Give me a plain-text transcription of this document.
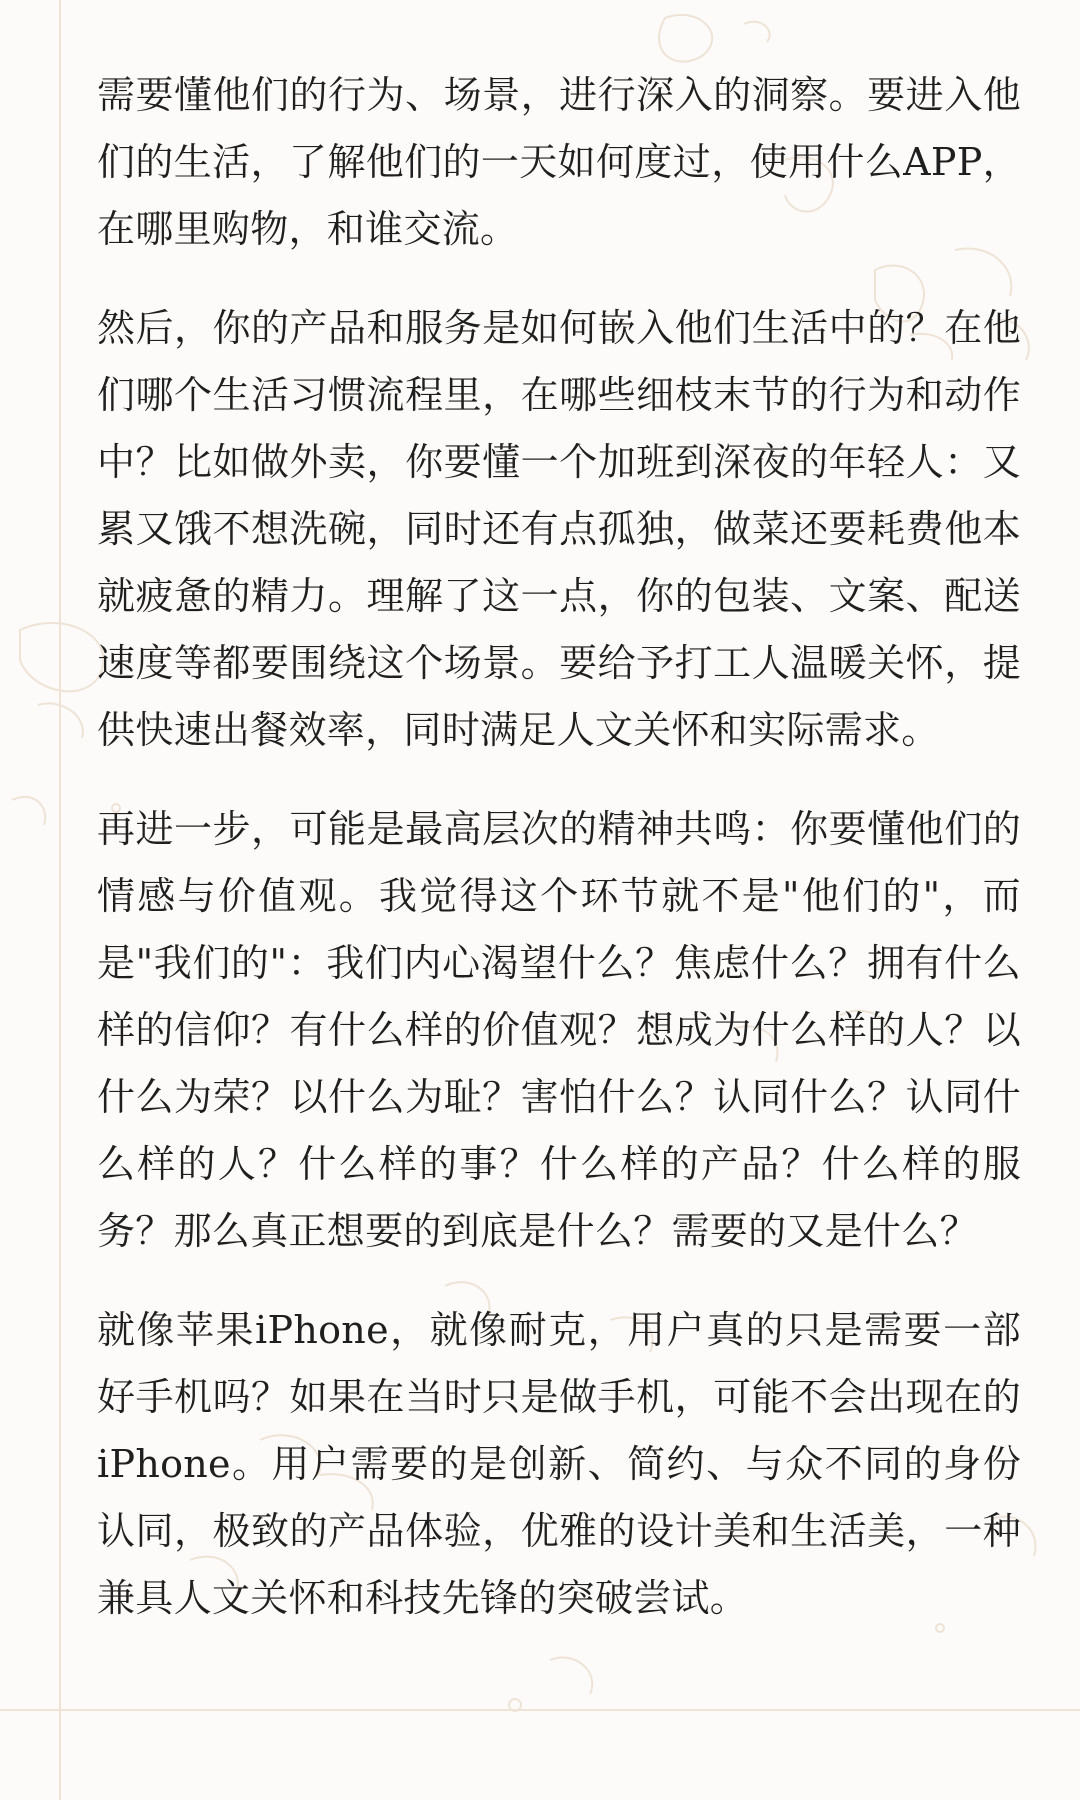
需要懂他们的行为、场景，进行深入的洞察。要进入他们的生活，了解他们的一天如何度过，使用什么APP，在哪里购物，和谁交流。

然后，你的产品和服务是如何嵌入他们生活中的？在他们哪个生活习惯流程里，在哪些细枝末节的行为和动作中？比如做外卖，你要懂一个加班到深夜的年轻人：又累又饿不想洗碗，同时还有点孤独，做菜还要耗费他本就疲惫的精力。理解了这一点，你的包装、文案、配送速度等都要围绕这个场景。要给予打工人温暖关怀，提供快速出餐效率，同时满足人文关怀和实际需求。

再进一步，可能是最高层次的精神共鸣：你要懂他们的情感与价值观。我觉得这个环节就不是"他们的"，而是"我们的"：我们内心渴望什么？焦虑什么？拥有什么样的信仰？有什么样的价值观？想成为什么样的人？以什么为荣？以什么为耻？害怕什么？认同什么？认同什么样的人？什么样的事？什么样的产品？什么样的服务？那么真正想要的到底是什么？需要的又是什么？

就像苹果iPhone，就像耐克，用户真的只是需要一部好手机吗？如果在当时只是做手机，可能不会出现在的iPhone。用户需要的是创新、简约、与众不同的身份认同，极致的产品体验，优雅的设计美和生活美，一种兼具人文关怀和科技先锋的突破尝试。
